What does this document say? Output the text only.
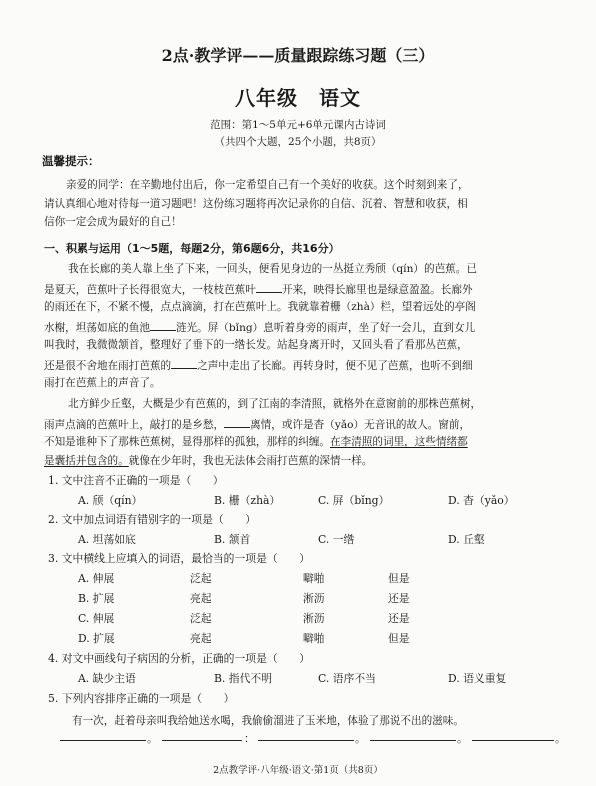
2点·教学评——质量跟踪练习题（三）
八年级　语文
范围：第1～5单元+6单元课内古诗词
（共四个大题，25个小题，共8页）
温馨提示：
亲爱的同学：在辛勤地付出后，你一定希望自己有一个美好的收获。这个时刻到来了，
请认真细心地对待每一道习题吧！这份练习题将再次记录你的自信、沉着、智慧和收获，相
信你一定会成为最好的自己！
一、积累与运用（1～5题，每题2分，第6题6分，共16分）
我在长廊的美人靠上坐了下来，一回头，便看见身边的一丛挺立秀颀（qín）的芭蕉。已
是夏天，芭蕉叶子长得很宽大，一枝枝芭蕉叶 开来，映得长廊里也是绿意盈盈。长廊外
的雨还在下，不紧不慢，点点滴滴，打在芭蕉叶上。我就靠着栅（zhà）栏，望着远处的亭阁
水榭，坦荡如底的鱼池 涟光。屏（bǐng）息听着身旁的雨声，坐了好一会儿，直到女儿
叫我时，我微微颔首，整理好了垂下的一绺长发。站起身离开时，又回头看了看那丛芭蕉，
还是很不舍地在雨打芭蕉的 之声中走出了长廊。再转身时，便不见了芭蕉，也听不到细
雨打在芭蕉上的声音了。
北方鲜少丘壑，大概是少有芭蕉的，到了江南的李清照，就格外在意窗前的那株芭蕉树，
雨声点滴的芭蕉叶上，敲打的是乡愁， 离情，或许是杳（yǎo）无音讯的故人。窗前，
不知是谁种下了那株芭蕉树，显得那样的孤独，那样的纠缠。在李清照的词里，这些情绪都
是囊括并包含的。就像在少年时，我也无法体会雨打芭蕉的深情一样。
1. 文中注音不正确的一项是（　　）
A. 颀（qín）	B. 栅（zhà）	C. 屏（bǐng）	D. 杳（yǎo）
2. 文中加点词语有错别字的一项是（　　）
A. 坦荡如底	B. 颔首	C. 一绺	D. 丘壑
3. 文中横线上应填入的词语，最恰当的一项是（　　）
A. 伸展	泛起	噼啪	但是
B. 扩展	亮起	淅沥	还是
C. 伸展	泛起	淅沥	还是
D. 扩展	亮起	噼啪	但是
4. 对文中画线句子病因的分析，正确的一项是（　　）
A. 缺少主语	B. 指代不明	C. 语序不当	D. 语义重复
5. 下列内容排序正确的一项是（　　）
有一次，赶着母亲叫我给她送水喝，我偷偷溜进了玉米地，体验了那说不出的滋味。
。	：	。	。	。
2点教学评·八年级·语文·第1页（共8页）
